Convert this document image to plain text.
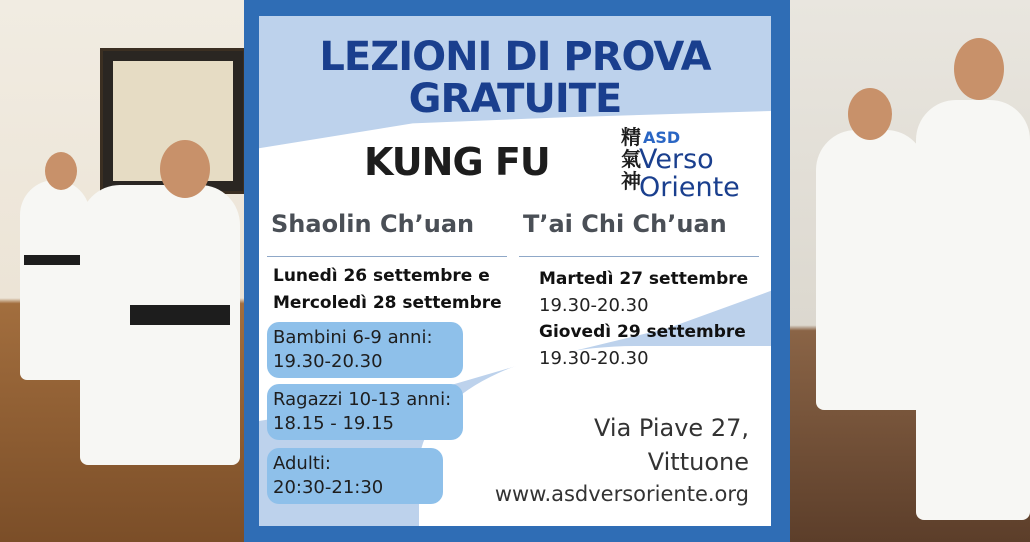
LEZIONI DI PROVA
GRATUITE
KUNG FU
精氣神
ASD
Verso
Oriente
Shaolin Ch’uan T’ai Chi Ch’uan
Lunedì 26 settembre e
Mercoledì 28 settembre
Bambini 6-9 anni:
19.30-20.30
Ragazzi 10-13 anni:
18.15 - 19.15
Adulti:
20:30-21:30
Martedì 27 settembre
19.30-20.30
Giovedì 29 settembre
19.30-20.30
Via Piave 27,
Vittuone
www.asdversoriente.org
